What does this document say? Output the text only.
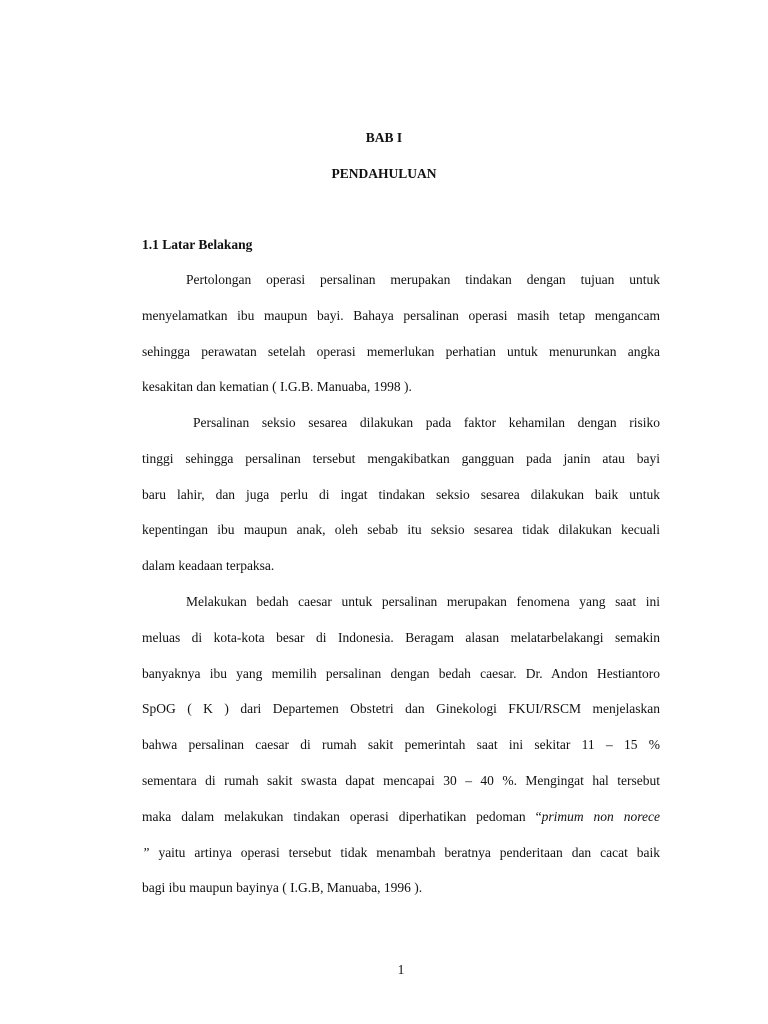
BAB I
PENDAHULUAN
1.1 Latar Belakang
Pertolongan operasi persalinan merupakan tindakan dengan tujuan untuk
menyelamatkan ibu maupun bayi. Bahaya persalinan operasi masih tetap mengancam
sehingga perawatan setelah operasi memerlukan perhatian untuk menurunkan angka
kesakitan dan kematian ( I.G.B. Manuaba, 1998 ).
Persalinan seksio sesarea dilakukan pada faktor kehamilan dengan risiko
tinggi sehingga persalinan tersebut mengakibatkan gangguan pada janin atau bayi
baru lahir, dan juga perlu di ingat tindakan seksio sesarea dilakukan baik untuk
kepentingan ibu maupun anak, oleh sebab itu seksio sesarea tidak dilakukan kecuali
dalam keadaan terpaksa.
Melakukan bedah caesar untuk persalinan merupakan fenomena yang saat ini
meluas di kota-kota besar di Indonesia. Beragam alasan melatarbelakangi semakin
banyaknya ibu yang memilih persalinan dengan bedah caesar. Dr. Andon Hestiantoro
SpOG ( K ) dari Departemen Obstetri dan Ginekologi FKUI/RSCM menjelaskan
bahwa persalinan caesar di rumah sakit pemerintah saat ini sekitar 11 – 15 %
sementara di rumah sakit swasta dapat mencapai 30 – 40 %. Mengingat hal tersebut
maka dalam melakukan tindakan operasi diperhatikan pedoman “primum non norece
” yaitu artinya operasi tersebut tidak menambah beratnya penderitaan dan cacat baik
bagi ibu maupun bayinya ( I.G.B, Manuaba, 1996 ).
1
